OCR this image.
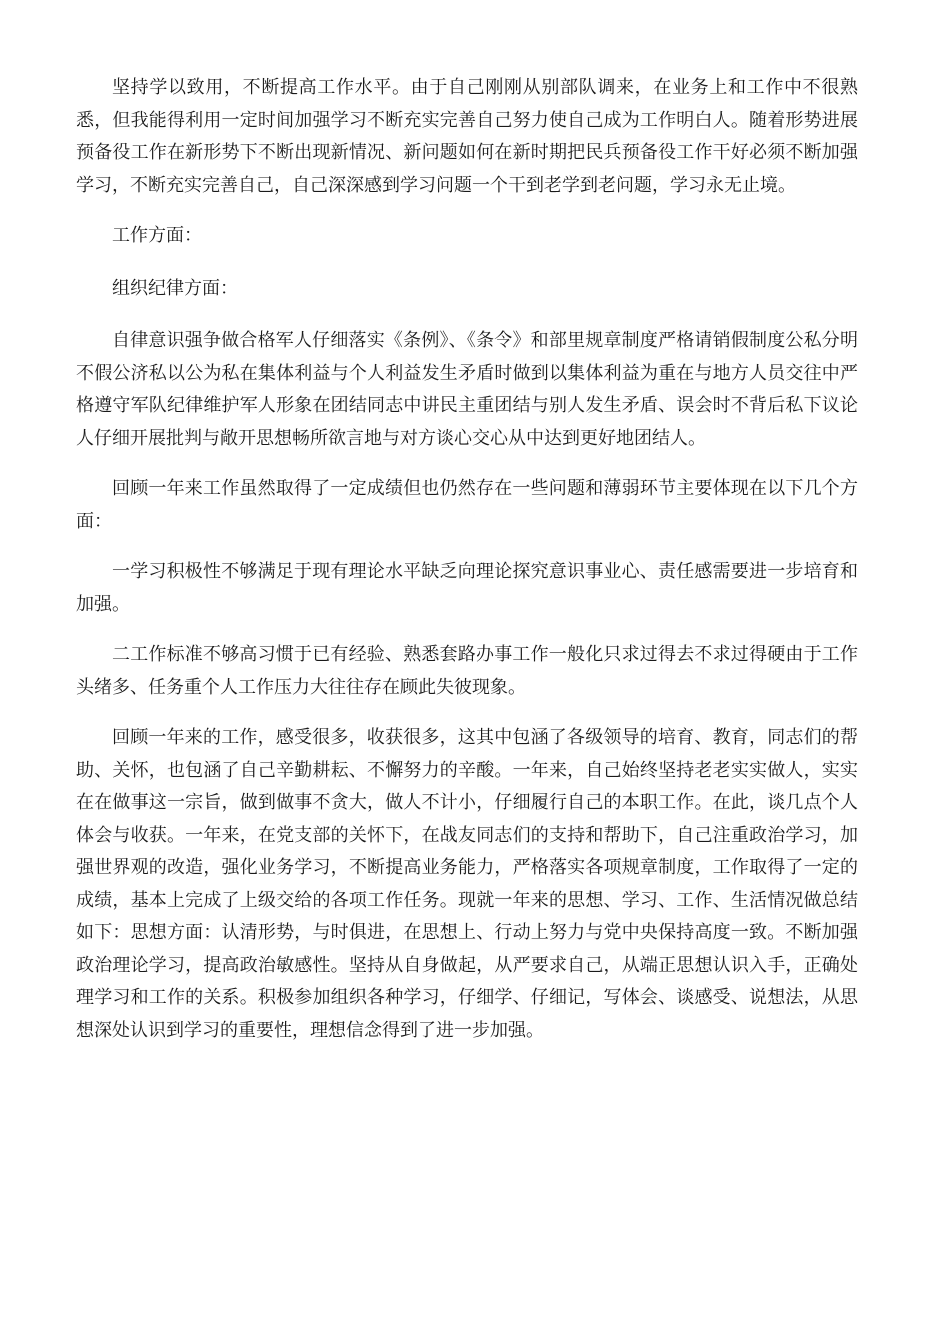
坚持学以致用，不断提高工作水平。由于自己刚刚从别部队调来，在业务上和工作中不很熟悉，但我能得利用一定时间加强学习不断充实完善自己努力使自己成为工作明白人。随着形势进展预备役工作在新形势下不断出现新情况、新问题如何在新时期把民兵预备役工作干好必须不断加强学习，不断充实完善自己，自己深深感到学习问题一个干到老学到老问题，学习永无止境。

工作方面：

组织纪律方面：

自律意识强争做合格军人仔细落实《条例》、《条令》和部里规章制度严格请销假制度公私分明不假公济私以公为私在集体利益与个人利益发生矛盾时做到以集体利益为重在与地方人员交往中严格遵守军队纪律维护军人形象在团结同志中讲民主重团结与别人发生矛盾、误会时不背后私下议论人仔细开展批判与敞开思想畅所欲言地与对方谈心交心从中达到更好地团结人。

回顾一年来工作虽然取得了一定成绩但也仍然存在一些问题和薄弱环节主要体现在以下几个方面：

一学习积极性不够满足于现有理论水平缺乏向理论探究意识事业心、责任感需要进一步培育和加强。

二工作标准不够高习惯于已有经验、熟悉套路办事工作一般化只求过得去不求过得硬由于工作头绪多、任务重个人工作压力大往往存在顾此失彼现象。

回顾一年来的工作，感受很多，收获很多，这其中包涵了各级领导的培育、教育，同志们的帮助、关怀，也包涵了自己辛勤耕耘、不懈努力的辛酸。一年来，自己始终坚持老老实实做人，实实在在做事这一宗旨，做到做事不贪大，做人不计小，仔细履行自己的本职工作。在此，谈几点个人体会与收获。一年来，在党支部的关怀下，在战友同志们的支持和帮助下，自己注重政治学习，加强世界观的改造，强化业务学习，不断提高业务能力，严格落实各项规章制度，工作取得了一定的成绩，基本上完成了上级交给的各项工作任务。现就一年来的思想、学习、工作、生活情况做总结如下：思想方面：认清形势，与时俱进，在思想上、行动上努力与党中央保持高度一致。不断加强政治理论学习，提高政治敏感性。坚持从自身做起，从严要求自己，从端正思想认识入手，正确处理学习和工作的关系。积极参加组织各种学习，仔细学、仔细记，写体会、谈感受、说想法，从思想深处认识到学习的重要性，理想信念得到了进一步加强。
